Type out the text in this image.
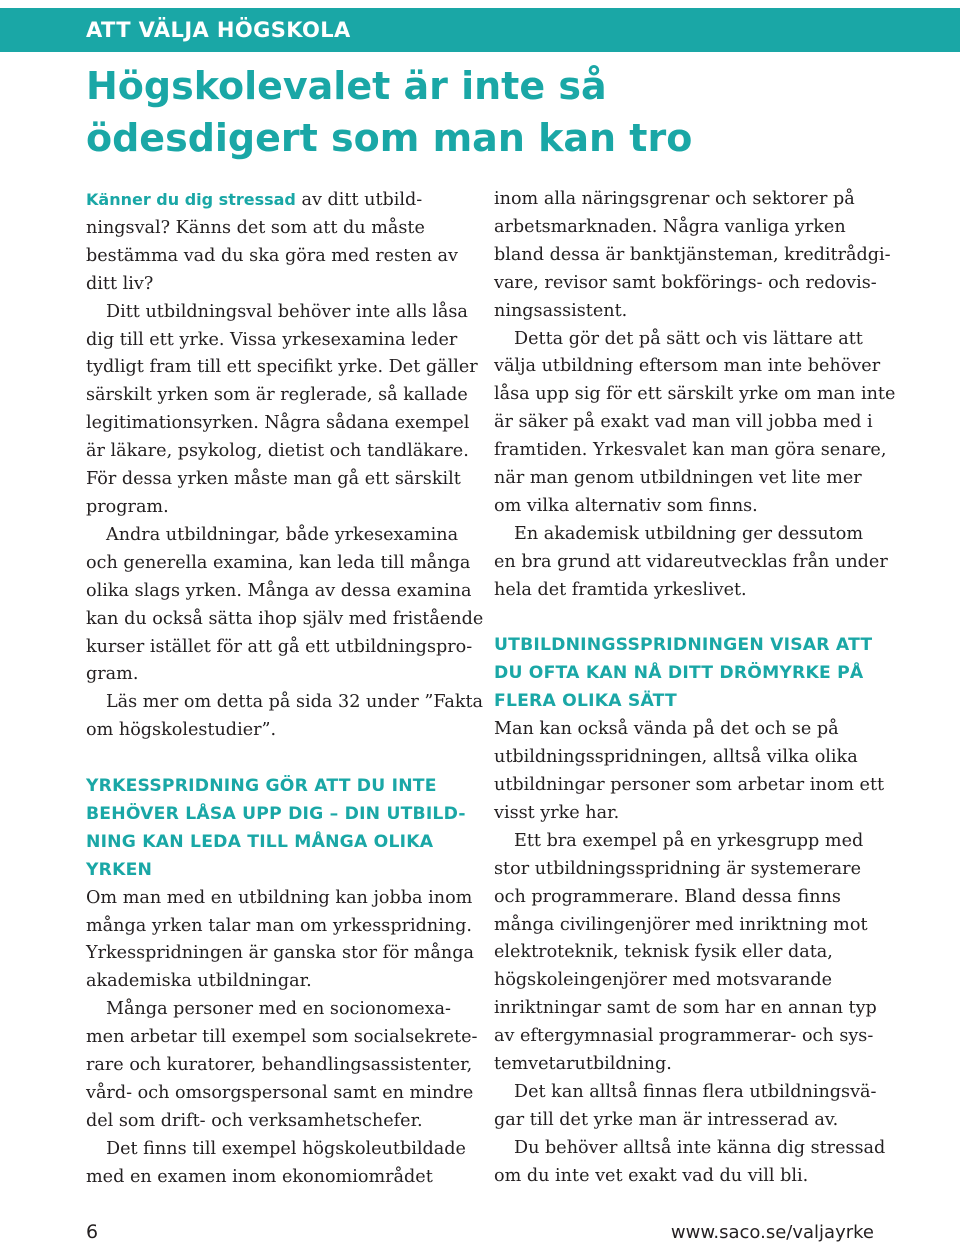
ATT VÄLJA HÖGSKOLA
Högskolevalet är inte så
ödesdigert som man kan tro
Känner du dig stressad av ditt utbild-
ningsval? Känns det som att du måste
bestämma vad du ska göra med resten av
ditt liv?
Ditt utbildningsval behöver inte alls låsa
dig till ett yrke. Vissa yrkesexamina leder
tydligt fram till ett specifikt yrke. Det gäller
särskilt yrken som är reglerade, så kallade
legitimationsyrken. Några sådana exempel
är läkare, psykolog, dietist och tandläkare.
För dessa yrken måste man gå ett särskilt
program.
Andra utbildningar, både yrkesexamina
och generella examina, kan leda till många
olika slags yrken. Många av dessa examina
kan du också sätta ihop själv med fristående
kurser istället för att gå ett utbildningspro-
gram.
Läs mer om detta på sida 32 under ”Fakta
om högskolestudier”.
YRKESSPRIDNING GÖR ATT DU INTE
BEHÖVER LÅSA UPP DIG – DIN UTBILD-
NING KAN LEDA TILL MÅNGA OLIKA
YRKEN
Om man med en utbildning kan jobba inom
många yrken talar man om yrkesspridning.
Yrkesspridningen är ganska stor för många
akademiska utbildningar.
Många personer med en socionomexa-
men arbetar till exempel som socialsekrete-
rare och kuratorer, behandlingsassistenter,
vård- och omsorgspersonal samt en mindre
del som drift- och verksamhetschefer.
Det finns till exempel högskoleutbildade
med en examen inom ekonomiområdet
inom alla näringsgrenar och sektorer på
arbetsmarknaden. Några vanliga yrken
bland dessa är banktjänsteman, kreditrådgi-
vare, revisor samt bokförings- och redovis-
ningsassistent.
Detta gör det på sätt och vis lättare att
välja utbildning eftersom man inte behöver
låsa upp sig för ett särskilt yrke om man inte
är säker på exakt vad man vill jobba med i
framtiden. Yrkesvalet kan man göra senare,
när man genom utbildningen vet lite mer
om vilka alternativ som finns.
En akademisk utbildning ger dessutom
en bra grund att vidareutvecklas från under
hela det framtida yrkeslivet.
UTBILDNINGSSPRIDNINGEN VISAR ATT
DU OFTA KAN NÅ DITT DRÖMYRKE PÅ
FLERA OLIKA SÄTT
Man kan också vända på det och se på
utbildningsspridningen, alltså vilka olika
utbildningar personer som arbetar inom ett
visst yrke har.
Ett bra exempel på en yrkesgrupp med
stor utbildningsspridning är systemerare
och programmerare. Bland dessa finns
många civilingenjörer med inriktning mot
elektroteknik, teknisk fysik eller data,
högskoleingenjörer med motsvarande
inriktningar samt de som har en annan typ
av eftergymnasial programmerar- och sys-
temvetarutbildning.
Det kan alltså finnas flera utbildningsvä-
gar till det yrke man är intresserad av.
Du behöver alltså inte känna dig stressad
om du inte vet exakt vad du vill bli.
6	www.saco.se/valjayrke
